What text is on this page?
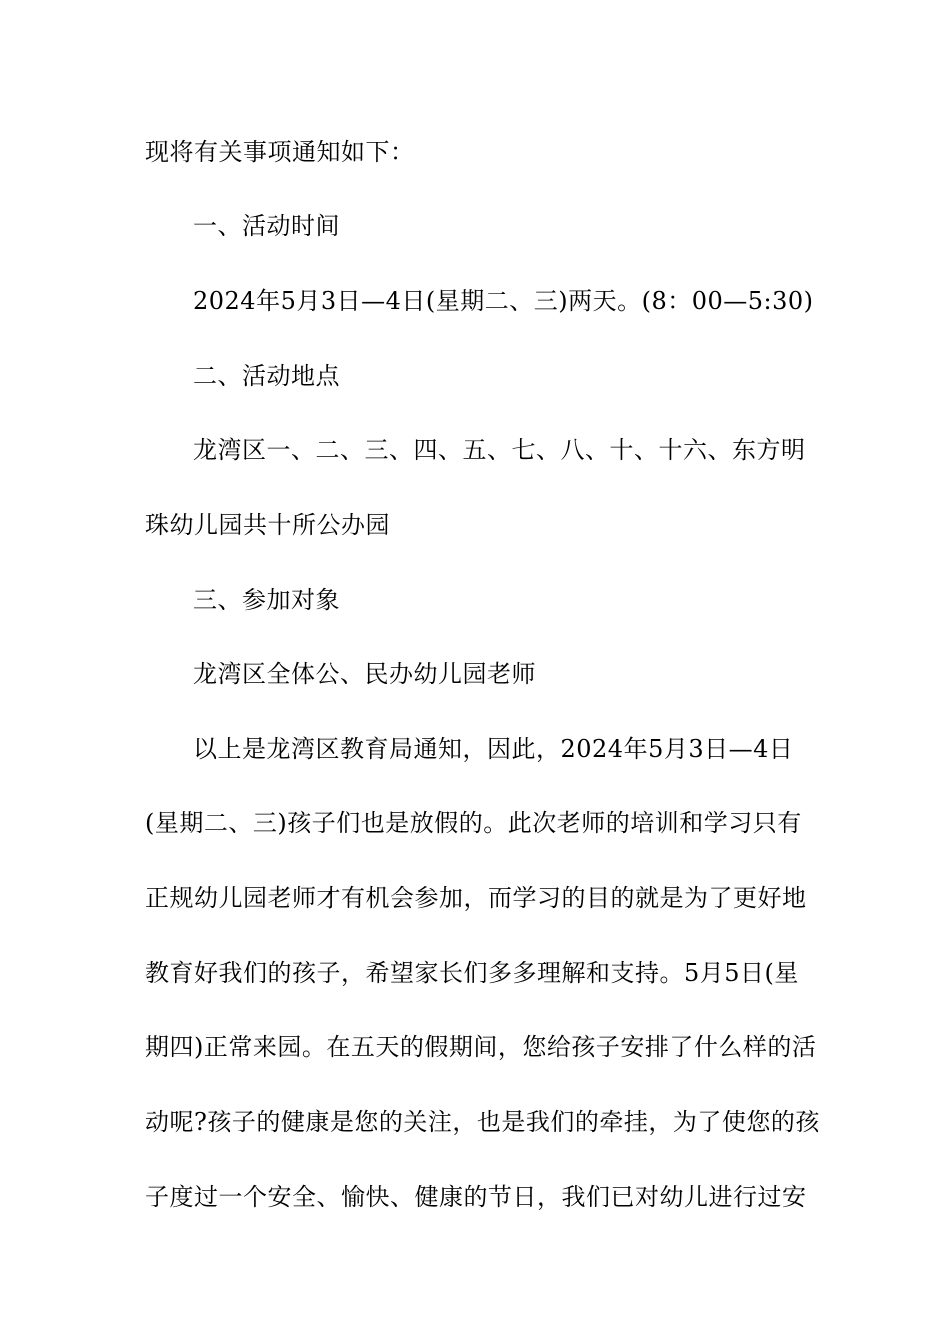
现将有关事项通知如下：
一、活动时间
2024年5月3日—4日(星期二、三)两天。(8：00—5:30)
二、活动地点
龙湾区一、二、三、四、五、七、八、十、十六、东方明
珠幼儿园共十所公办园
三、参加对象
龙湾区全体公、民办幼儿园老师
以上是龙湾区教育局通知，因此，2024年5月3日—4日
(星期二、三)孩子们也是放假的。此次老师的培训和学习只有
正规幼儿园老师才有机会参加，而学习的目的就是为了更好地
教育好我们的孩子，希望家长们多多理解和支持。5月5日(星
期四)正常来园。在五天的假期间，您给孩子安排了什么样的活
动呢?孩子的健康是您的关注，也是我们的牵挂，为了使您的孩
子度过一个安全、愉快、健康的节日，我们已对幼儿进行过安
